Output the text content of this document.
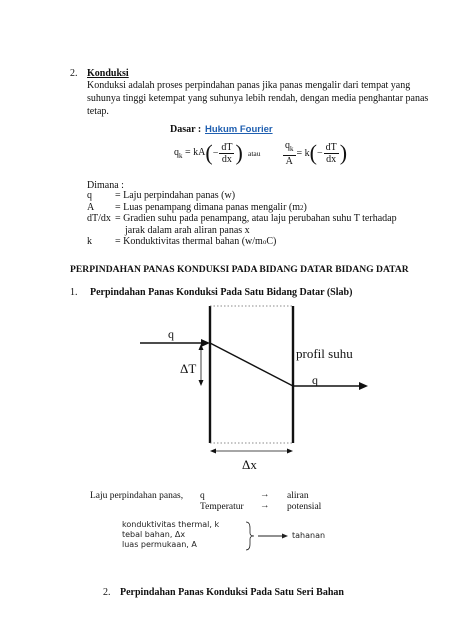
2. Konduksi
Konduksi adalah proses perpindahan panas jika panas mengalir dari tempat yang
suhunya tinggi ketempat yang suhunya lebih rendah, dengan media penghantar panas
tetap.
Dasar : Hukum Fourier
$q_k$ = kA ( − $\frac{dT}{dx}$ ) atau $\frac{q_k}{A} = k$ ( − $\frac{dT}{dx}$ )
Dimana :
q	= Laju perpindahan panas (w)
A	= Luas penampang dimana panas mengalir (m 2 )
dT/dx = Gradien suhu pada penampang, atau laju perubahan suhu T terhadap
jarak dalam arah aliran panas x
k	= Konduktivitas thermal bahan (w/m o C)
PERPINDAHAN PANAS KONDUKSI PADA BIDANG DATAR BIDANG DATAR
1. Perpindahan Panas Konduksi Pada Satu Bidang Datar (Slab)
q
q
profil suhu
ΔT
Δx
Laju perpindahan panas, q	→ aliran
Temperatur → potensial
konduktivitas thermal, k
tebal bahan, Δx
luas permukaan, A
tahanan
2. Perpindahan Panas Konduksi Pada Satu Seri Bahan
